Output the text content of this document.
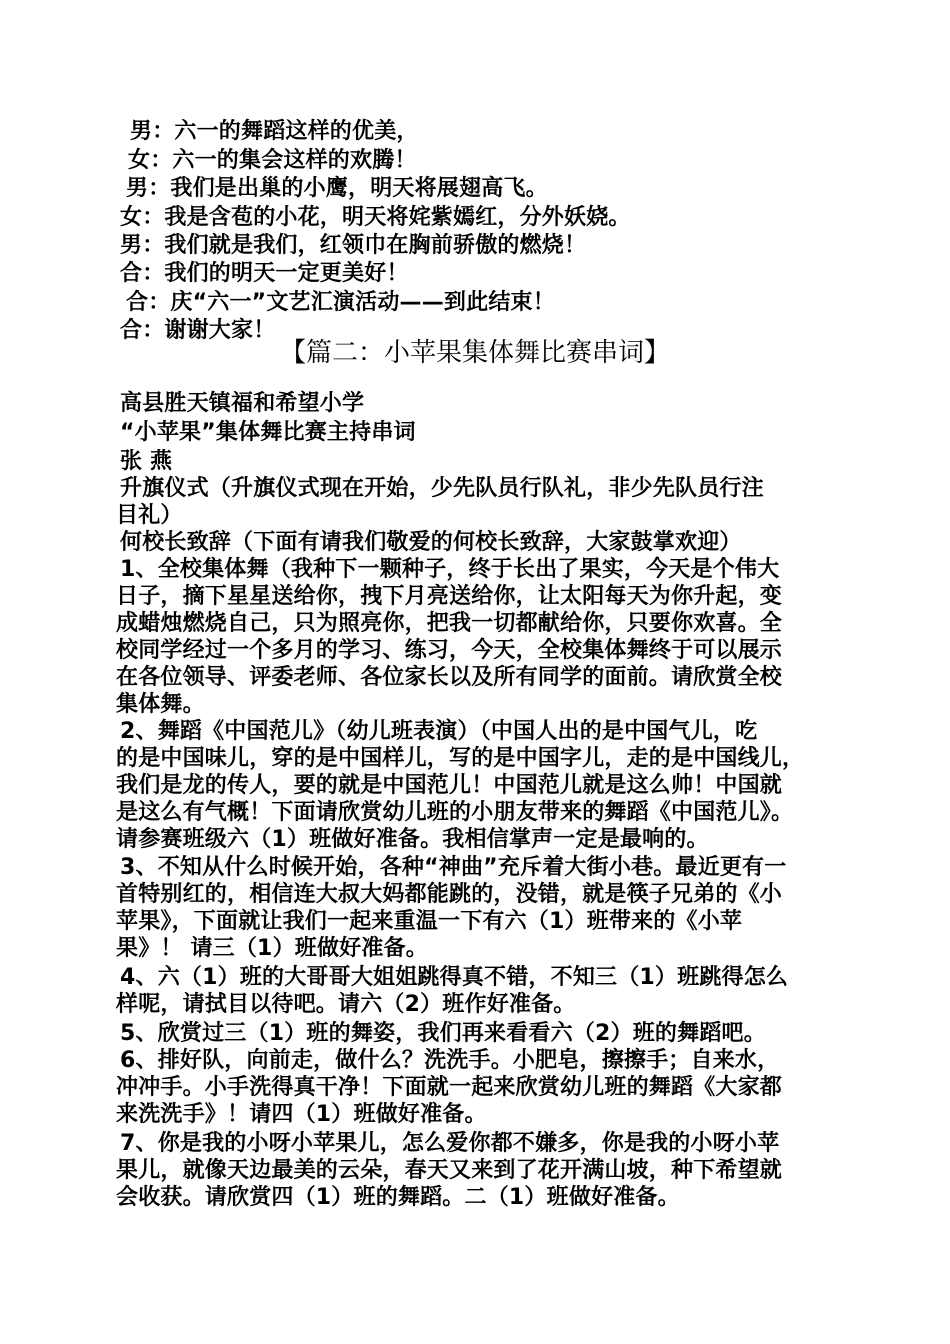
男：六一的舞蹈这样的优美，
女：六一的集会这样的欢腾！
男：我们是出巢的小鹰，明天将展翅高飞。
女：我是含苞的小花，明天将姹紫嫣红，分外妖娆。
男：我们就是我们，红领巾在胸前骄傲的燃烧！
合：我们的明天一定更美好！
合：庆“六一”文艺汇演活动——到此结束！
合：谢谢大家！
【篇二：小苹果集体舞比赛串词】
高县胜天镇福和希望小学
“小苹果”集体舞比赛主持串词
张 燕
升旗仪式（升旗仪式现在开始，少先队员行队礼，非少先队员行注
目礼）
何校长致辞（下面有请我们敬爱的何校长致辞，大家鼓掌欢迎）
1、全校集体舞（我种下一颗种子，终于长出了果实，今天是个伟大
日子，摘下星星送给你，拽下月亮送给你，让太阳每天为你升起，变
成蜡烛燃烧自己，只为照亮你，把我一切都献给你，只要你欢喜。全
校同学经过一个多月的学习、练习，今天，全校集体舞终于可以展示
在各位领导、评委老师、各位家长以及所有同学的面前。请欣赏全校
集体舞。
2、舞蹈《中国范儿》（幼儿班表演）（中国人出的是中国气儿，吃
的是中国味儿，穿的是中国样儿，写的是中国字儿，走的是中国线儿，
我们是龙的传人，要的就是中国范儿！中国范儿就是这么帅！中国就
是这么有气概！下面请欣赏幼儿班的小朋友带来的舞蹈《中国范儿》。
请参赛班级六（1）班做好准备。我相信掌声一定是最响的。
3、不知从什么时候开始，各种“神曲”充斥着大街小巷。最近更有一
首特别红的，相信连大叔大妈都能跳的，没错，就是筷子兄弟的《小
苹果》，下面就让我们一起来重温一下有六（1）班带来的《小苹
果》！ 请三（1）班做好准备。
4、六（1）班的大哥哥大姐姐跳得真不错，不知三（1）班跳得怎么
样呢，请拭目以待吧。请六（2）班作好准备。
5、欣赏过三（1）班的舞姿，我们再来看看六（2）班的舞蹈吧。
6、排好队，向前走，做什么？洗洗手。小肥皂，擦擦手；自来水，
冲冲手。小手洗得真干净！下面就一起来欣赏幼儿班的舞蹈《大家都
来洗洗手》！请四（1）班做好准备。
7、你是我的小呀小苹果儿，怎么爱你都不嫌多，你是我的小呀小苹
果儿，就像天边最美的云朵，春天又来到了花开满山坡，种下希望就
会收获。请欣赏四（1）班的舞蹈。二（1）班做好准备。
